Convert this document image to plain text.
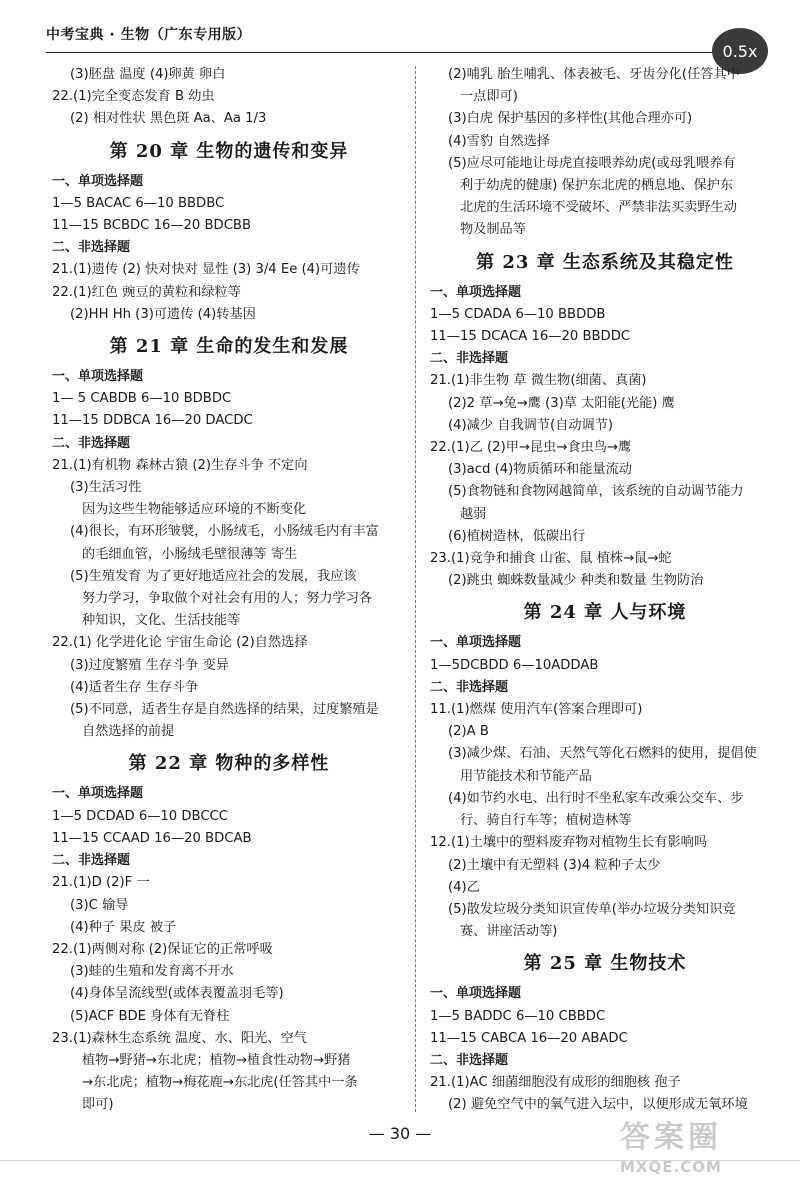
中考宝典 · 生物（广东专用版）
0.5x
(3)胚盘 温度 (4)卵黄 卵白
22.(1)完全变态发育 B 幼虫
(2) 相对性状 黑色斑 Aa、Aa 1/3
第 20 章 生物的遗传和变异
一、单项选择题
1—5 BACAC 6—10 BBDBC
11—15 BCBDC 16—20 BDCBB
二、非选择题
21.(1)遗传 (2) 快对快对 显性 (3) 3/4 Ee (4)可遗传
22.(1)红色 豌豆的黄粒和绿粒等
(2)HH Hh (3)可遗传 (4)转基因
第 21 章 生命的发生和发展
一、单项选择题
1— 5 CABDB 6—10 BDBDC
11—15 DDBCA 16—20 DACDC
二、非选择题
21.(1)有机物 森林古猿 (2)生存斗争 不定向
(3)生活习性
因为这些生物能够适应环境的不断变化
(4)很长，有环形皱襞，小肠绒毛，小肠绒毛内有丰富
的毛细血管，小肠绒毛壁很薄等 寄生
(5)生殖发育 为了更好地适应社会的发展，我应该
努力学习，争取做个对社会有用的人；努力学习各
种知识，文化、生活技能等
22.(1) 化学进化论 宇宙生命论 (2)自然选择
(3)过度繁殖 生存斗争 变异
(4)适者生存 生存斗争
(5)不同意，适者生存是自然选择的结果，过度繁殖是
自然选择的前提
第 22 章 物种的多样性
一、单项选择题
1—5 DCDAD 6—10 DBCCC
11—15 CCAAD 16—20 BDCAB
二、非选择题
21.(1)D (2)F 一
(3)C 输导
(4)种子 果皮 被子
22.(1)两侧对称 (2)保证它的正常呼吸
(3)蛙的生殖和发育离不开水
(4)身体呈流线型(或体表覆盖羽毛等)
(5)ACF BDE 身体有无脊柱
23.(1)森林生态系统 温度、水、阳光、空气
植物→野猪→东北虎；植物→植食性动物→野猪
→东北虎；植物→梅花鹿→东北虎(任答其中一条
即可)
(2)哺乳 胎生哺乳、体表被毛、牙齿分化(任答其中
一点即可)
(3)白虎 保护基因的多样性(其他合理亦可)
(4)雪豹 自然选择
(5)应尽可能地让母虎直接喂养幼虎(或母乳喂养有
利于幼虎的健康) 保护东北虎的栖息地、保护东
北虎的生活环境不受破坏、严禁非法买卖野生动
物及制品等
第 23 章 生态系统及其稳定性
一、单项选择题
1—5 CDADA 6—10 BBDDB
11—15 DCACA 16—20 BBDDC
二、非选择题
21.(1)非生物 草 微生物(细菌、真菌)
(2)2 草→兔→鹰 (3)草 太阳能(光能) 鹰
(4)减少 自我调节(自动调节)
22.(1)乙 (2)甲→昆虫→食虫鸟→鹰
(3)acd (4)物质循环和能量流动
(5)食物链和食物网越简单，该系统的自动调节能力
越弱
(6)植树造林，低碳出行
23.(1)竞争和捕食 山雀、鼠 植株→鼠→蛇
(2)跳虫 蜘蛛数量减少 种类和数量 生物防治
第 24 章 人与环境
一、单项选择题
1—5DCBDD 6—10ADDAB
二、非选择题
11.(1)燃煤 使用汽车(答案合理即可)
(2)A B
(3)减少煤、石油、天然气等化石燃料的使用，提倡使
用节能技术和节能产品
(4)如节约水电、出行时不坐私家车改乘公交车、步
行、骑自行车等；植树造林等
12.(1)土壤中的塑料废弃物对植物生长有影响吗
(2)土壤中有无塑料 (3)4 粒种子太少
(4)乙
(5)散发垃圾分类知识宣传单(举办垃圾分类知识竞
赛、讲座活动等)
第 25 章 生物技术
一、单项选择题
1—5 BADDC 6—10 CBBDC
11—15 CABCA 16—20 ABADC
二、非选择题
21.(1)AC 细菌细胞没有成形的细胞核 孢子
(2) 避免空气中的氧气进入坛中，以便形成无氧环境
— 30 —	答案圈
MXQE.COM
